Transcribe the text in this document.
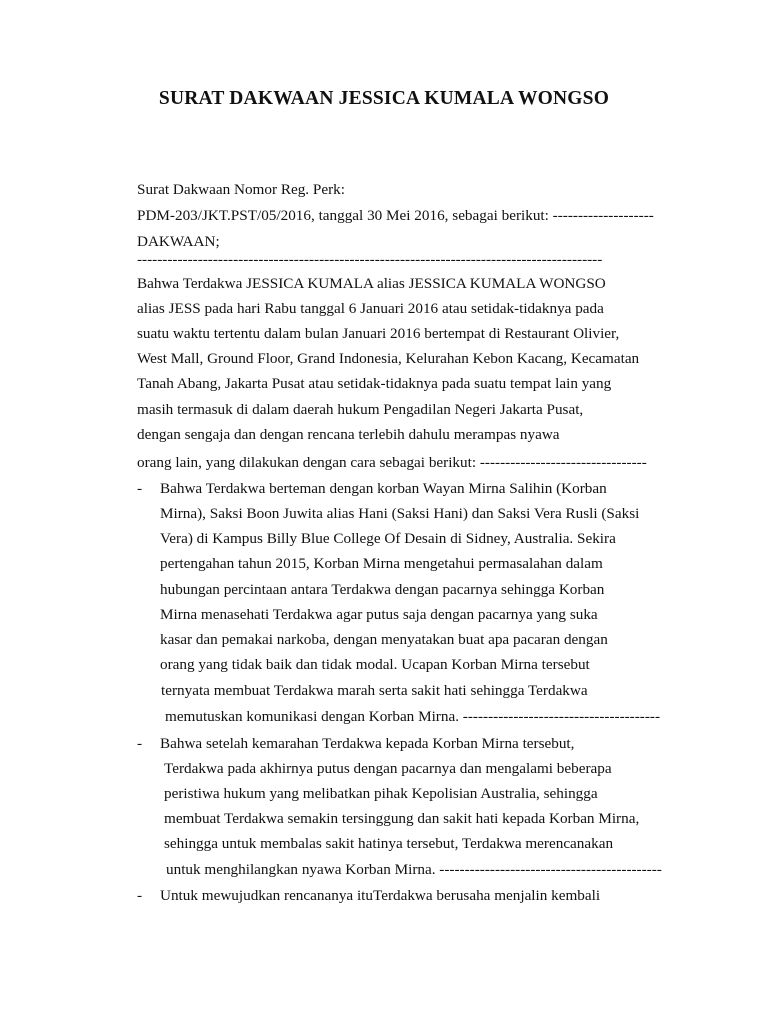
SURAT DAKWAAN JESSICA KUMALA WONGSO
Surat Dakwaan Nomor Reg. Perk:
PDM-203/JKT.PST/05/2016, tanggal 30 Mei 2016, sebagai berikut: --------------------
DAKWAAN;
--------------------------------------------------------------------------------------------
Bahwa Terdakwa JESSICA KUMALA alias JESSICA KUMALA WONGSO
alias JESS pada hari Rabu tanggal 6 Januari 2016 atau setidak-tidaknya pada
suatu waktu tertentu dalam bulan Januari 2016 bertempat di Restaurant Olivier,
West Mall, Ground Floor, Grand Indonesia, Kelurahan Kebon Kacang, Kecamatan
Tanah Abang, Jakarta Pusat atau setidak-tidaknya pada suatu tempat lain yang
masih termasuk di dalam daerah hukum Pengadilan Negeri Jakarta Pusat,
dengan sengaja dan dengan rencana terlebih dahulu merampas nyawa
orang lain, yang dilakukan dengan cara sebagai berikut: ---------------------------------
- Bahwa Terdakwa berteman dengan korban Wayan Mirna Salihin (Korban
Mirna), Saksi Boon Juwita alias Hani (Saksi Hani) dan Saksi Vera Rusli (Saksi
Vera) di Kampus Billy Blue College Of Desain di Sidney, Australia. Sekira
pertengahan tahun 2015, Korban Mirna mengetahui permasalahan dalam
hubungan percintaan antara Terdakwa dengan pacarnya sehingga Korban
Mirna menasehati Terdakwa agar putus saja dengan pacarnya yang suka
kasar dan pemakai narkoba, dengan menyatakan buat apa pacaran dengan
orang yang tidak baik dan tidak modal. Ucapan Korban Mirna tersebut
ternyata membuat Terdakwa marah serta sakit hati sehingga Terdakwa
memutuskan komunikasi dengan Korban Mirna. ---------------------------------------
- Bahwa setelah kemarahan Terdakwa kepada Korban Mirna tersebut,
Terdakwa pada akhirnya putus dengan pacarnya dan mengalami beberapa
peristiwa hukum yang melibatkan pihak Kepolisian Australia, sehingga
membuat Terdakwa semakin tersinggung dan sakit hati kepada Korban Mirna,
sehingga untuk membalas sakit hatinya tersebut, Terdakwa merencanakan
untuk menghilangkan nyawa Korban Mirna. --------------------------------------------
- Untuk mewujudkan rencananya ituTerdakwa berusaha menjalin kembali
